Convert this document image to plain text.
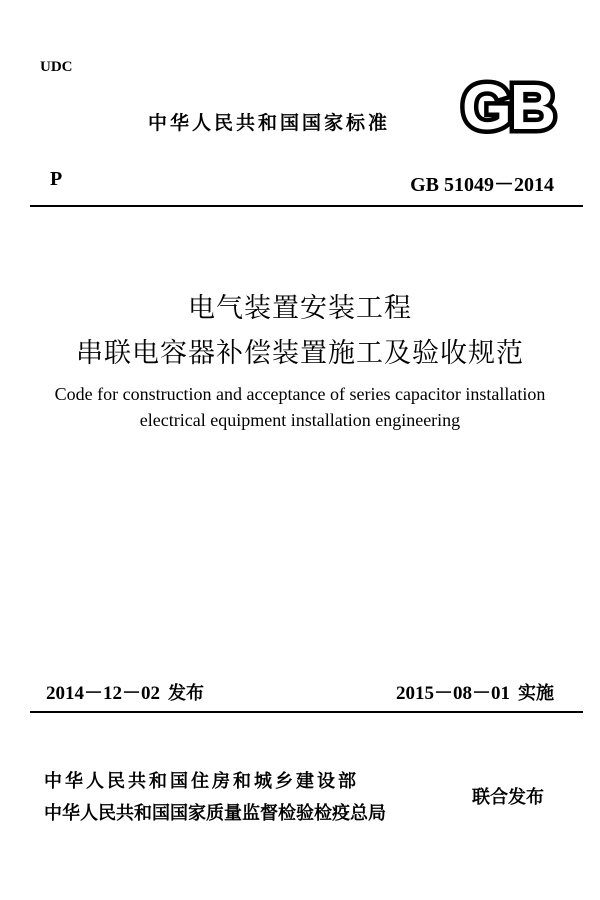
UDC
中华人民共和国国家标准 GB
P	GB 51049－2014
电气装置安装工程
串联电容器补偿装置施工及验收规范
Code for construction and acceptance of series capacitor installation
electrical equipment installation engineering
2014－12－02 发布	2015－08－01 实施
中华人民共和国住房和城乡建设部
中华人民共和国国家质量监督检验检疫总局
联合发布
